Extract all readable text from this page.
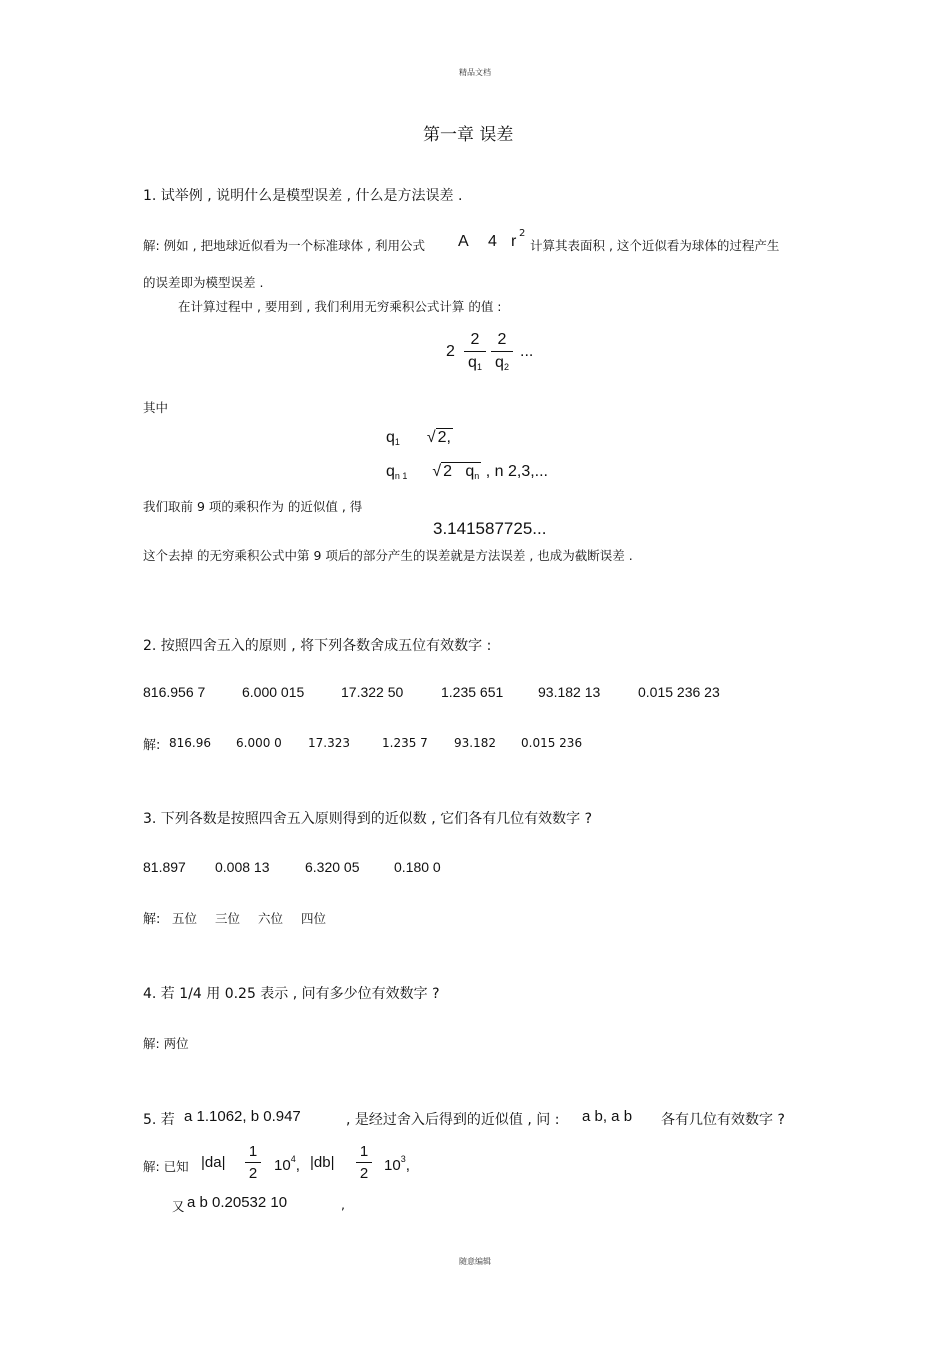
精品文档
随意编辑
第一章 误差
1. 试举例 , 说明什么是模型误差 , 什么是方法误差 .
解: 例如 , 把地球近似看为一个标准球体 , 利用公式 A 4 r 2
计算其表面积 , 这个近似看为球体的过程产生
的误差即为模型误差 .
在计算过程中 , 要用到 , 我们利用无穷乘积公式计算 的值 :
2
2
$q_1$
2
$q_2$
...
其中
$q_1$ √ 2,
$q_{n 1}$ √ 2 $q_n$ , n 2,3,...
我们取前 9 项的乘积作为 的近似值 , 得
3.141587725...
这个去掉 的无穷乘积公式中第 9 项后的部分产生的误差就是方法误差 , 也成为截断误差 .
2. 按照四舍五入的原则 , 将下列各数舍成五位有效数字 :
816.956 7	6.000 015	17.322 50	1.235 651 93.182 13	0.015 236 23
解: 816.96 6.000 0 17.323	1.235 7 93.182 0.015 236
3. 下列各数是按照四舍五入原则得到的近似数 , 它们各有几位有效数字 ?
81.897 0.008 13	6.320 05 0.180 0
解: 五位 三位 六位 四位
4. 若 1/4 用 0.25 表示 , 问有多少位有效数字 ?
解: 两位
5. 若 a 1.1062, b 0.947	, 是经过舍入后得到的近似值 , 问 : a b, a b 各有几位有效数字 ?
解: 已知 |da|
1
2 $10^4$, |db|
1
2 $10^3$,
又 a b 0.20532 10	,
